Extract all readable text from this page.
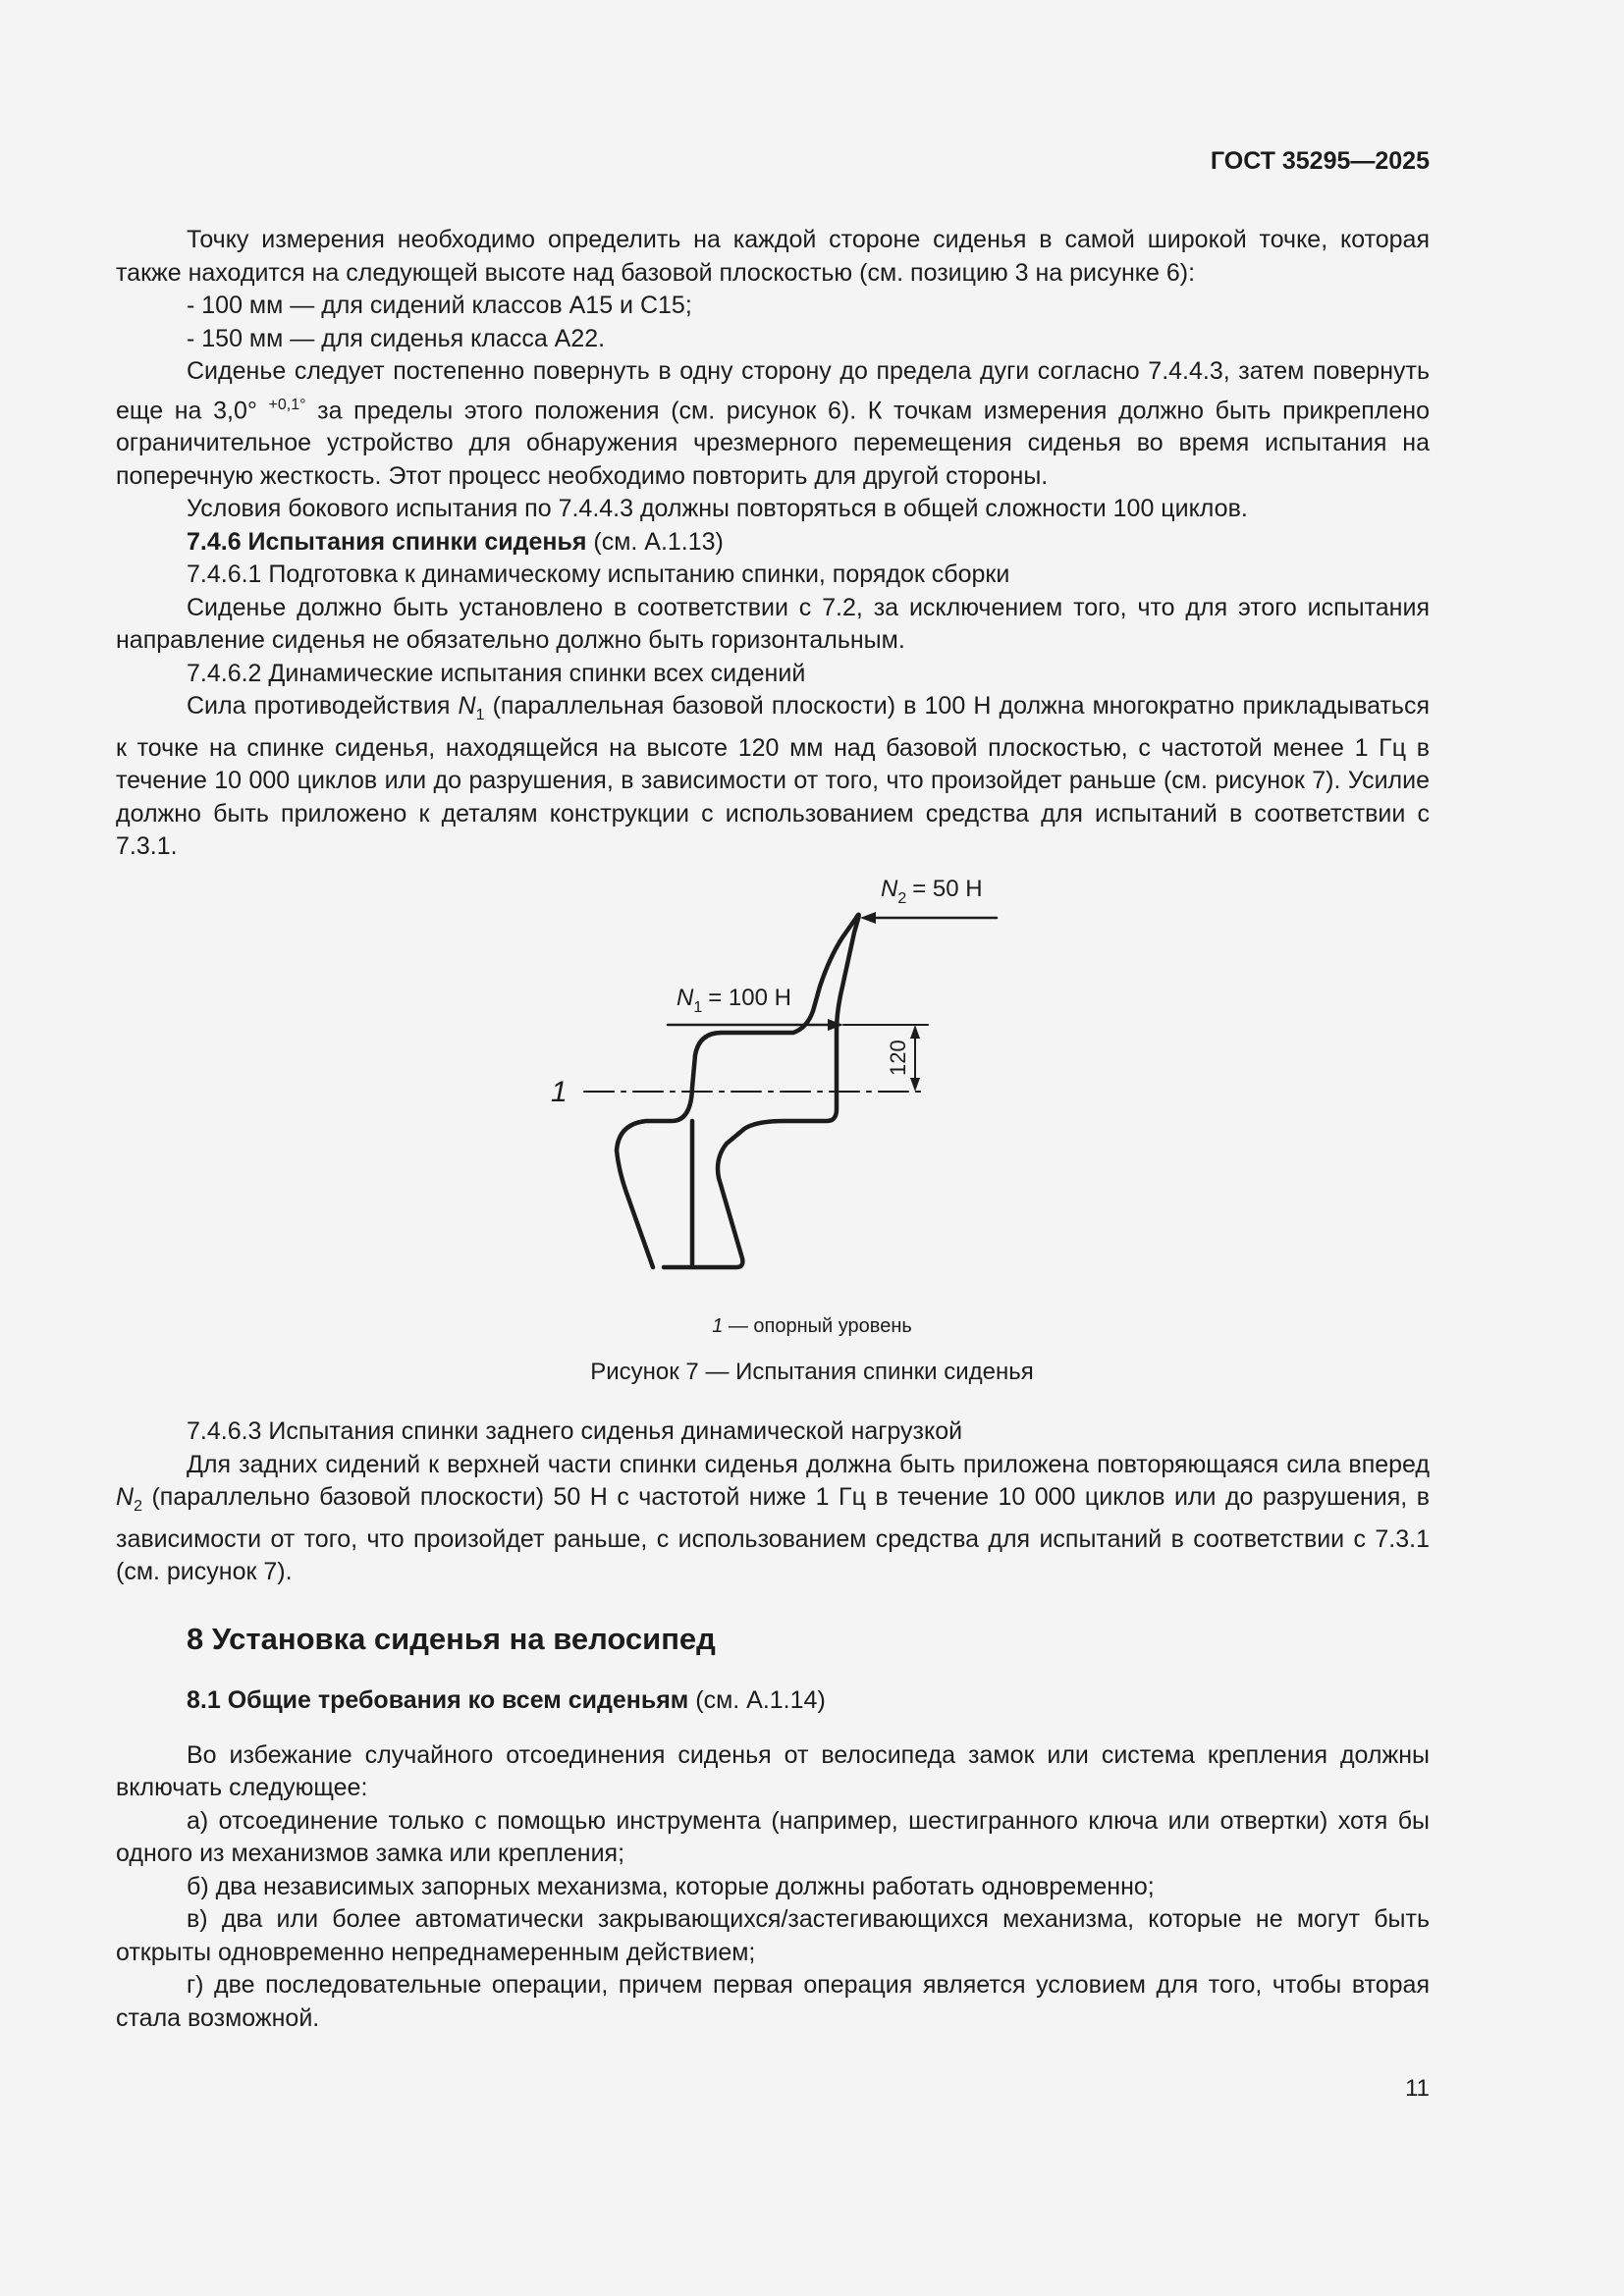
ГОСТ 35295—2025

Точку измерения необходимо определить на каждой стороне сиденья в самой широкой точке, которая также находится на следующей высоте над базовой плоскостью (см. позицию 3 на рисунке 6):

- 100 мм — для сидений классов А15 и С15;

- 150 мм — для сиденья класса А22.

Сиденье следует постепенно повернуть в одну сторону до предела дуги согласно 7.4.4.3, затем повернуть еще на 3,0° $^{+0,1^\circ}$ за пределы этого положения (см. рисунок 6). К точкам измерения должно быть прикреплено ограничительное устройство для обнаружения чрезмерного перемещения сиденья во время испытания на поперечную жесткость. Этот процесс необходимо повторить для другой стороны.

Условия бокового испытания по 7.4.4.3 должны повторяться в общей сложности 100 циклов.

7.4.6 Испытания спинки сиденья (см. А.1.13)

7.4.6.1 Подготовка к динамическому испытанию спинки, порядок сборки

Сиденье должно быть установлено в соответствии с 7.2, за исключением того, что для этого испытания направление сиденья не обязательно должно быть горизонтальным.

7.4.6.2 Динамические испытания спинки всех сидений

Сила противодействия $N_1$ (параллельная базовой плоскости) в 100 Н должна многократно прикладываться к точке на спинке сиденья, находящейся на высоте 120 мм над базовой плоскостью, с частотой менее 1 Гц в течение 10 000 циклов или до разрушения, в зависимости от того, что произойдет раньше (см. рисунок 7). Усилие должно быть приложено к деталям конструкции с использованием средства для испытаний в соответствии с 7.3.1.

$N_2 = 50$ Н
$N_1 = 100$ Н
120
1
1 — опорный уровень
Рисунок 7 — Испытания спинки сиденья

7.4.6.3 Испытания спинки заднего сиденья динамической нагрузкой

Для задних сидений к верхней части спинки сиденья должна быть приложена повторяющаяся сила вперед $N_2$ (параллельно базовой плоскости) 50 Н с частотой ниже 1 Гц в течение 10 000 циклов или до разрушения, в зависимости от того, что произойдет раньше, с использованием средства для испытаний в соответствии с 7.3.1 (см. рисунок 7).

8 Установка сиденья на велосипед

8.1 Общие требования ко всем сиденьям (см. А.1.14)

Во избежание случайного отсоединения сиденья от велосипеда замок или система крепления должны включать следующее:

а) отсоединение только с помощью инструмента (например, шестигранного ключа или отвертки) хотя бы одного из механизмов замка или крепления;

б) два независимых запорных механизма, которые должны работать одновременно;

в) два или более автоматически закрывающихся/застегивающихся механизма, которые не могут быть открыты одновременно непреднамеренным действием;

г) две последовательные операции, причем первая операция является условием для того, чтобы вторая стала возможной.

11
